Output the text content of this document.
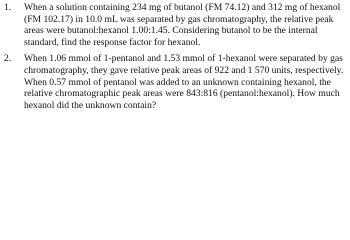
1.	When a solution containing 234 mg of butanol (FM 74.12) and 312 mg of hexanol (FM 102.17) in 10.0 mL was separated by gas chromatography, the relative peak areas were butanol:hexanol 1.00:1.45. Considering butanol to be the internal standard, find the response factor for hexanol.
2.	When 1.06 mmol of 1-pentanol and 1.53 mmol of 1-hexanol were separated by gas chromatography, they gave relative peak areas of 922 and 1 570 units, respectively. When 0.57 mmol of pentanol was added to an unknown containing hexanol, the relative chromatographic peak areas were 843:816 (pentanol:hexanol). How much hexanol did the unknown contain?
